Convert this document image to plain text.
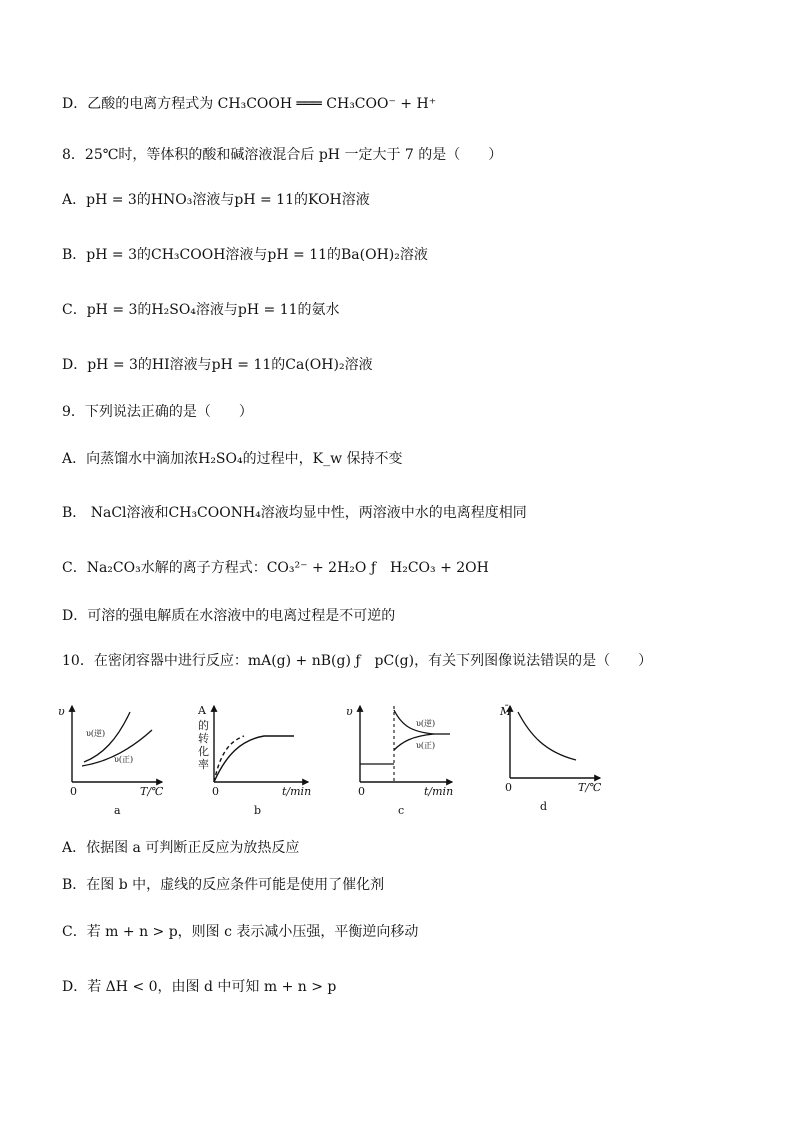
D．乙酸的电离方程式为 CH₃COOH ═══ CH₃COO⁻ + H⁺
8．25℃时，等体积的酸和碱溶液混合后 pH 一定大于 7 的是（　　）
A．pH = 3的HNO₃溶液与pH = 11的KOH溶液
B．pH = 3的CH₃COOH溶液与pH = 11的Ba(OH)₂溶液
C．pH = 3的H₂SO₄溶液与pH = 11的氨水
D．pH = 3的HI溶液与pH = 11的Ca(OH)₂溶液
9．下列说法正确的是（　　）
A．向蒸馏水中滴加浓H₂SO₄的过程中，K_w 保持不变
B． NaCl溶液和CH₃COONH₄溶液均显中性，两溶液中水的电离程度相同
C．Na₂CO₃水解的离子方程式：CO₃²⁻ + 2H₂O ƒ　H₂CO₃ + 2OH
D．可溶的强电解质在水溶液中的电离过程是不可逆的
10．在密闭容器中进行反应：mA(g) + nB(g) ƒ　pC(g)，有关下列图像说法错误的是（　　）
υ(逆)
υ(正)
0	T/℃
a
A
的
转
化
率
0	t/min
b
υ(逆)
υ(正)
υ
0	t/min
c
M̄
0	T/℃
d
A．依据图 a 可判断正反应为放热反应
B．在图 b 中，虚线的反应条件可能是使用了催化剂
C．若 m + n > p，则图 c 表示减小压强，平衡逆向移动
D．若 ΔH < 0，由图 d 中可知 m + n > p
υ
